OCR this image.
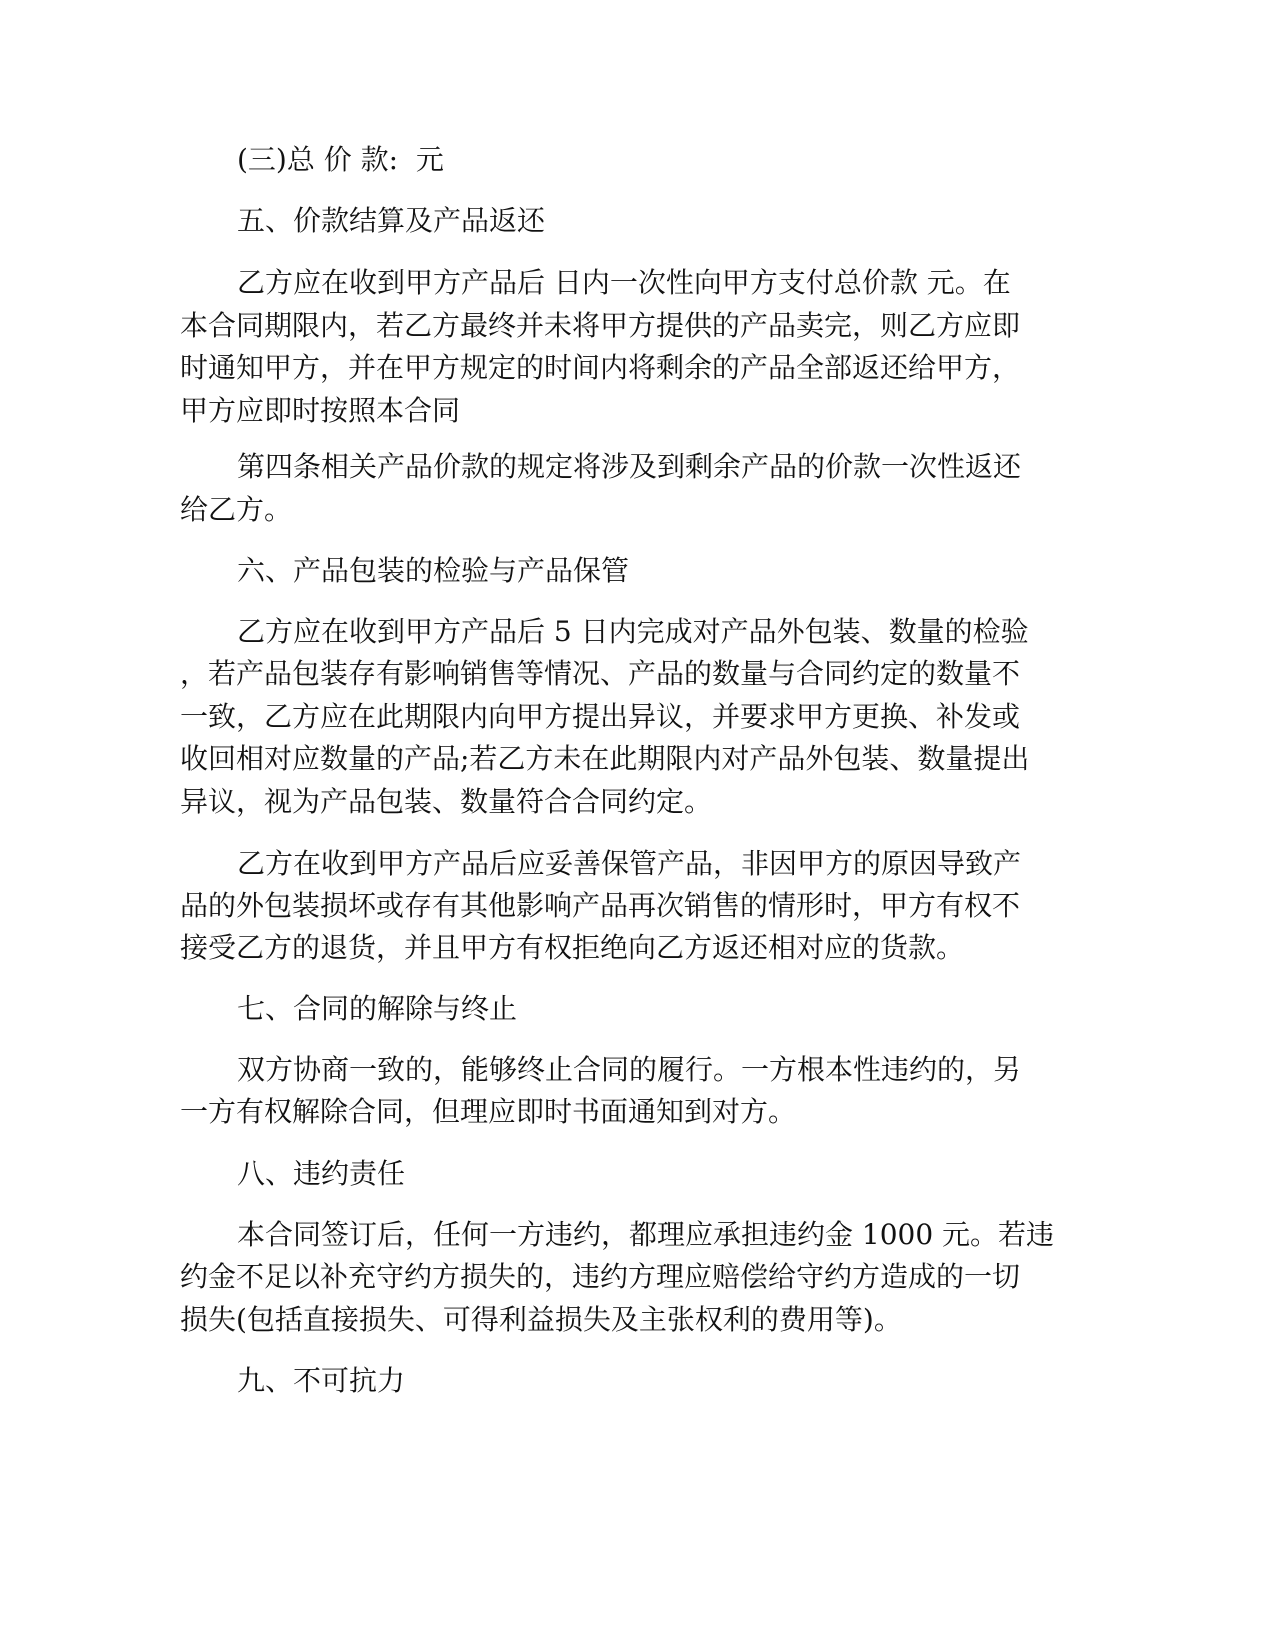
(三)总 价 款:  元

五、价款结算及产品返还

乙方应在收到甲方产品后 日内一次性向甲方支付总价款 元。在

本合同期限内，若乙方最终并未将甲方提供的产品卖完，则乙方应即

时通知甲方，并在甲方规定的时间内将剩余的产品全部返还给甲方，

甲方应即时按照本合同

第四条相关产品价款的规定将涉及到剩余产品的价款一次性返还

给乙方。

六、产品包装的检验与产品保管

乙方应在收到甲方产品后 5 日内完成对产品外包装、数量的检验

，若产品包装存有影响销售等情况、产品的数量与合同约定的数量不

一致，乙方应在此期限内向甲方提出异议，并要求甲方更换、补发或

收回相对应数量的产品;若乙方未在此期限内对产品外包装、数量提出

异议，视为产品包装、数量符合合同约定。

乙方在收到甲方产品后应妥善保管产品，非因甲方的原因导致产

品的外包装损坏或存有其他影响产品再次销售的情形时，甲方有权不

接受乙方的退货，并且甲方有权拒绝向乙方返还相对应的货款。

七、合同的解除与终止

双方协商一致的，能够终止合同的履行。一方根本性违约的，另

一方有权解除合同，但理应即时书面通知到对方。

八、违约责任

本合同签订后，任何一方违约，都理应承担违约金 1000 元。若违

约金不足以补充守约方损失的，违约方理应赔偿给守约方造成的一切

损失(包括直接损失、可得利益损失及主张权利的费用等)。

九、不可抗力
